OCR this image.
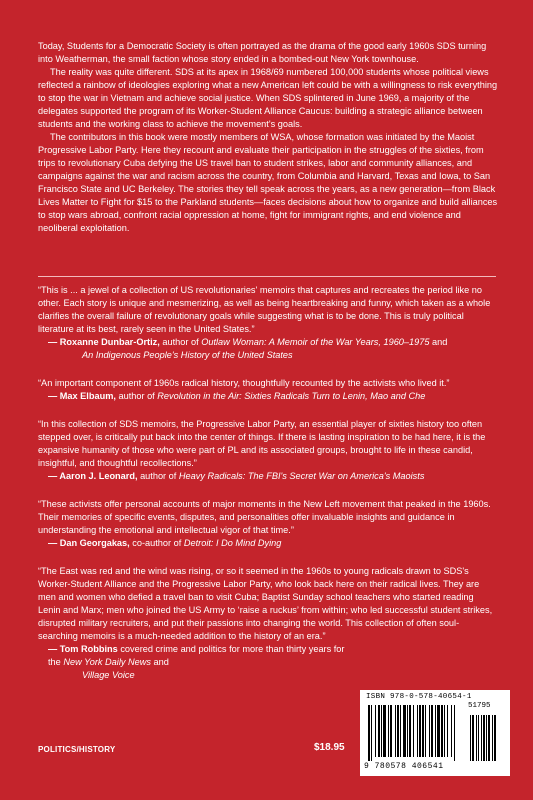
Today, Students for a Democratic Society is often portrayed as the drama of the good early 1960s SDS turning into Weatherman, the small faction whose story ended in a bombed-out New York townhouse.

The reality was quite different. SDS at its apex in 1968/69 numbered 100,000 students whose political views reflected a rainbow of ideologies exploring what a new American left could be with a willingness to risk everything to stop the war in Vietnam and achieve social justice. When SDS splintered in June 1969, a majority of the delegates supported the program of its Worker-Student Alliance Caucus: building a strategic alliance between students and the working class to achieve the movement's goals.

The contributors in this book were mostly members of WSA, whose formation was initiated by the Maoist Progressive Labor Party. Here they recount and evaluate their participation in the struggles of the sixties, from trips to revolutionary Cuba defying the US travel ban to student strikes, labor and community alliances, and campaigns against the war and racism across the country, from Columbia and Harvard, Texas and Iowa, to San Francisco State and UC Berkeley. The stories they tell speak across the years, as a new generation—from Black Lives Matter to Fight for $15 to the Parkland students—faces decisions about how to organize and build alliances to stop wars abroad, confront racial oppression at home, fight for immigrant rights, and end violence and neoliberal exploitation.

“This is ... a jewel of a collection of US revolutionaries' memoirs that captures and recreates the period like no other. Each story is unique and mesmerizing, as well as being heartbreaking and funny, which taken as a whole clarifies the overall failure of revolutionary goals while suggesting what is to be done. This is truly political literature at its best, rarely seen in the United States.”

— Roxanne Dunbar-Ortiz, author of Outlaw Woman: A Memoir of the War Years, 1960–1975 and
An Indigenous People's History of the United States

“An important component of 1960s radical history, thoughtfully recounted by the activists who lived it.”

— Max Elbaum, author of Revolution in the Air: Sixties Radicals Turn to Lenin, Mao and Che

“In this collection of SDS memoirs, the Progressive Labor Party, an essential player of sixties history too often stepped over, is critically put back into the center of things. If there is lasting inspiration to be had here, it is the expansive humanity of those who were part of PL and its associated groups, brought to life in these candid, insightful, and thoughtful recollections.”

— Aaron J. Leonard, author of Heavy Radicals: The FBI's Secret War on America's Maoists

“These activists offer personal accounts of major moments in the New Left movement that peaked in the 1960s. Their memories of specific events, disputes, and personalities offer invaluable insights and guidance in understanding the emotional and intellectual vigor of that time.”

— Dan Georgakas, co-author of Detroit: I Do Mind Dying

“The East was red and the wind was rising, or so it seemed in the 1960s to young radicals drawn to SDS's Worker-Student Alliance and the Progressive Labor Party, who look back here on their radical lives. They are men and women who defied a travel ban to visit Cuba; Baptist Sunday school teachers who started reading Lenin and Marx; men who joined the US Army to ‘raise a ruckus’ from within; who led successful student strikes, disrupted military recruiters, and put their passions into changing the world. This collection of often soul-searching memoirs is a much-needed addition to the history of an era.”

— Tom Robbins covered crime and politics for more than thirty years for the New York Daily News and
Village Voice

POLITICS/HISTORY	$18.95
ISBN 978-0-578-40654-1
51795
9 780578 406541
